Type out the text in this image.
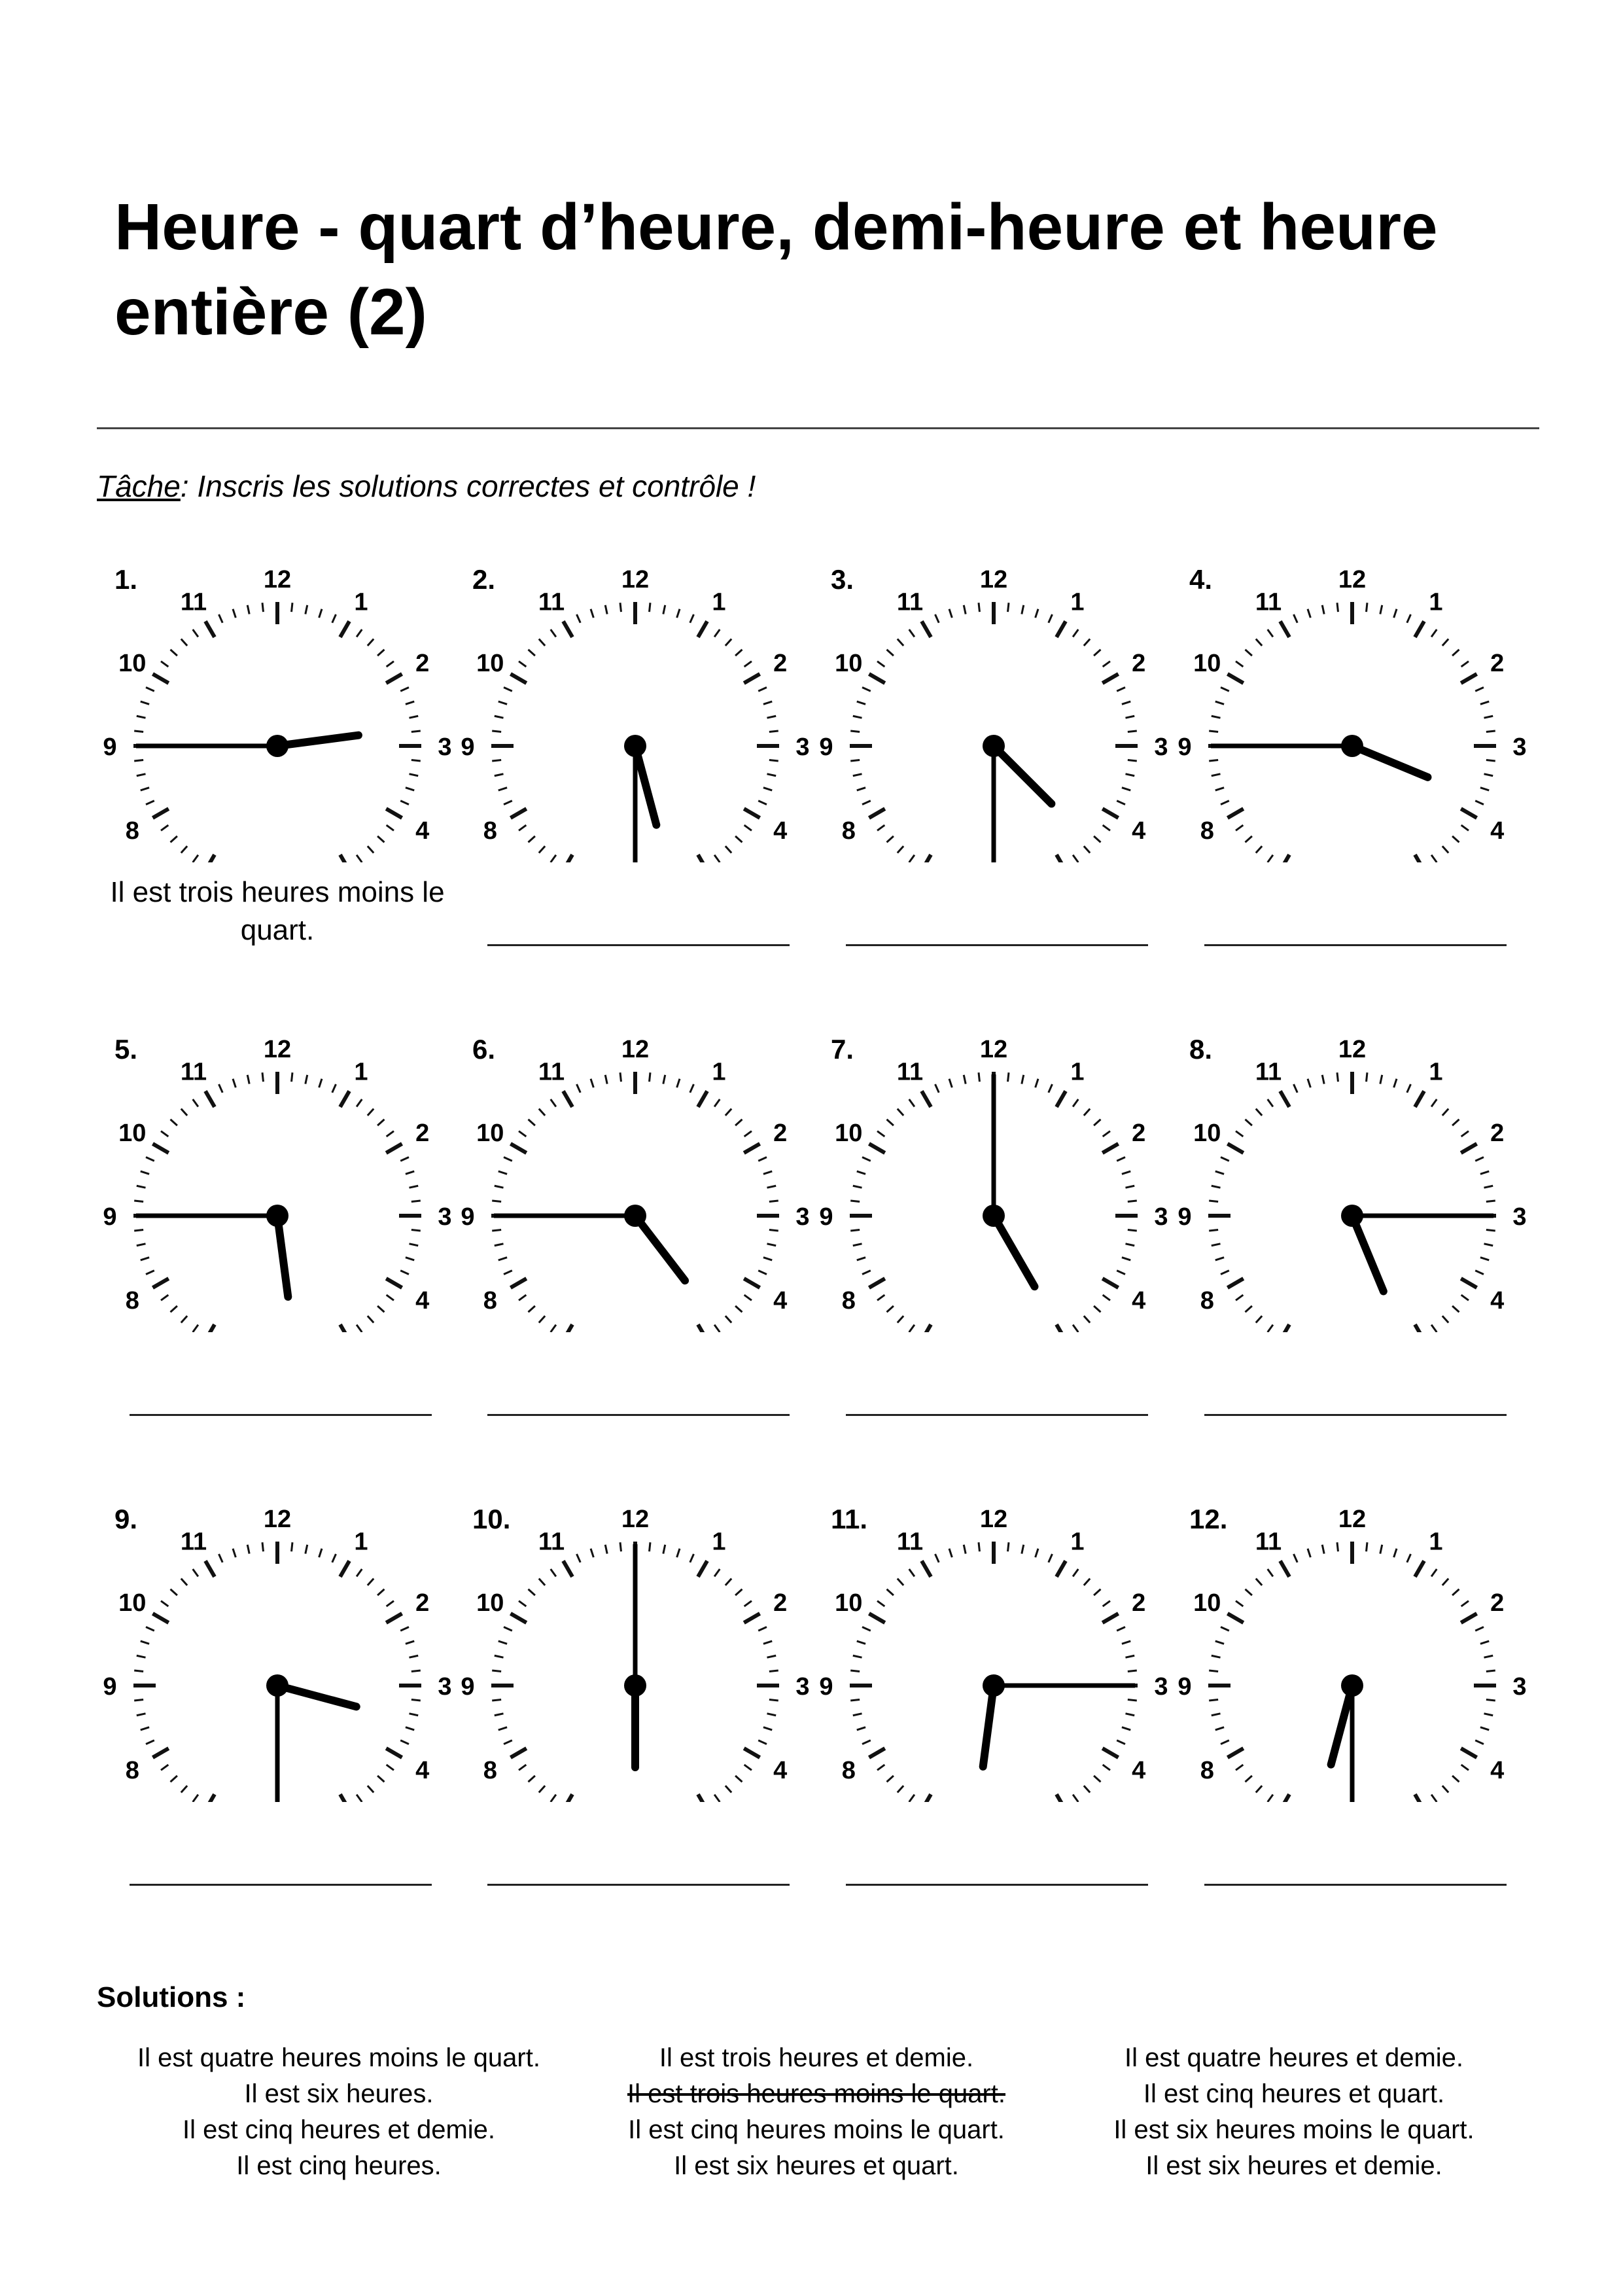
Heure - quart d’heure, demi-heure et heure entière (2)
Tâche: Inscris les solutions correctes et contrôle !
1.	12
1
2
3
4
8
9
10
11
Il est trois heures moins le quart.
2.	12
1
2
3
4
8
9
10
11
3.	12
1
2
3
4
8
9
10
11
4.	12
1
2
3
4
8
9
10
11
5.	12
1
2
3
4
8
9
10
11
6.	12
1
2
3
4
8
9
10
11
7.	12
1
2
3
4
8
9
10
11
8.	12
1
2
3
4
8
9
10
11
9.	12
1
2
3
4
8
9
10
11
10.	12
1
2
3
4
8
9
10
11
11.	12
1
2
3
4
8
9
10
11
12.	12
1
2
3
4
8
9
10
11
Solutions :
Il est quatre heures moins le quart.
Il est six heures.
Il est cinq heures et demie.
Il est cinq heures.
Il est trois heures et demie.
Il est trois heures moins le quart.
Il est cinq heures moins le quart.
Il est six heures et quart.
Il est quatre heures et demie.
Il est cinq heures et quart.
Il est six heures moins le quart.
Il est six heures et demie.
